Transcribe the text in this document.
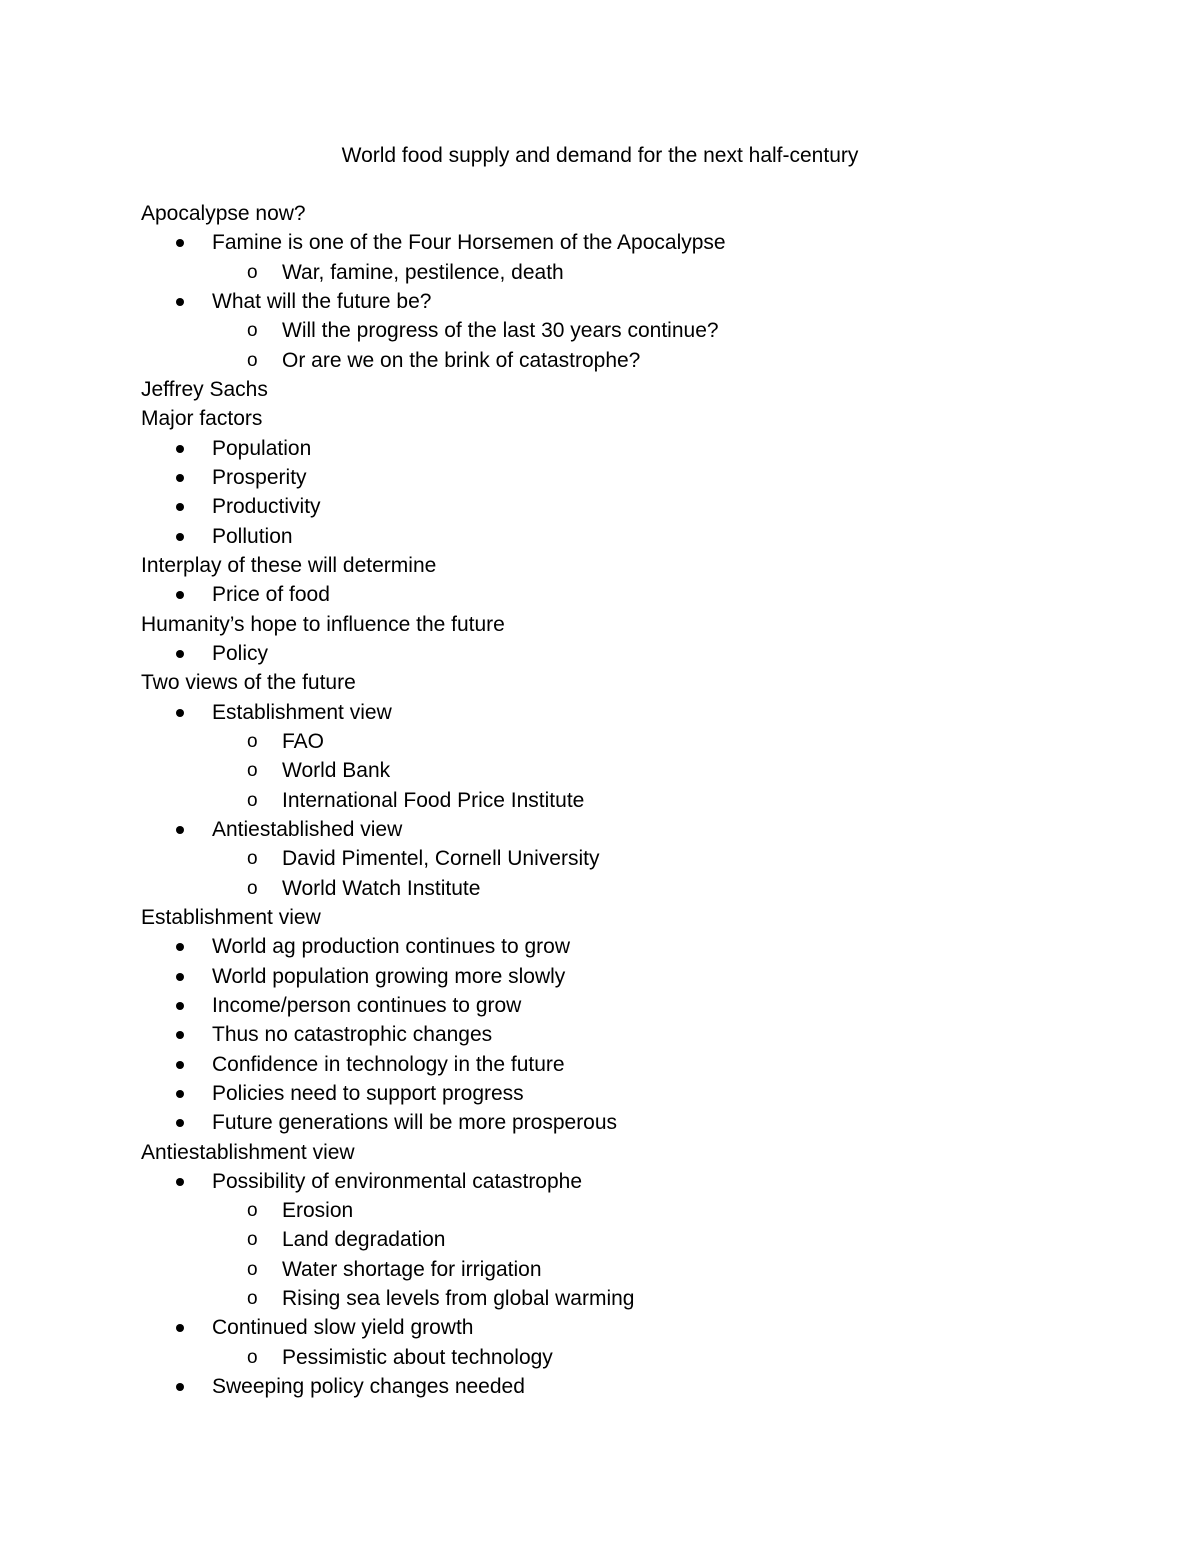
World food supply and demand for the next half-century
Apocalypse now?
Famine is one of the Four Horsemen of the Apocalypse
o War, famine, pestilence, death
What will the future be?
o Will the progress of the last 30 years continue?
o Or are we on the brink of catastrophe?
Jeffrey Sachs
Major factors
Population
Prosperity
Productivity
Pollution
Interplay of these will determine
Price of food
Humanity’s hope to influence the future
Policy
Two views of the future
Establishment view
o FAO
o World Bank
o International Food Price Institute
Antiestablished view
o David Pimentel, Cornell University
o World Watch Institute
Establishment view
World ag production continues to grow
World population growing more slowly
Income/person continues to grow
Thus no catastrophic changes
Confidence in technology in the future
Policies need to support progress
Future generations will be more prosperous
Antiestablishment view
Possibility of environmental catastrophe
o Erosion
o Land degradation
o Water shortage for irrigation
o Rising sea levels from global warming
Continued slow yield growth
o Pessimistic about technology
Sweeping policy changes needed
